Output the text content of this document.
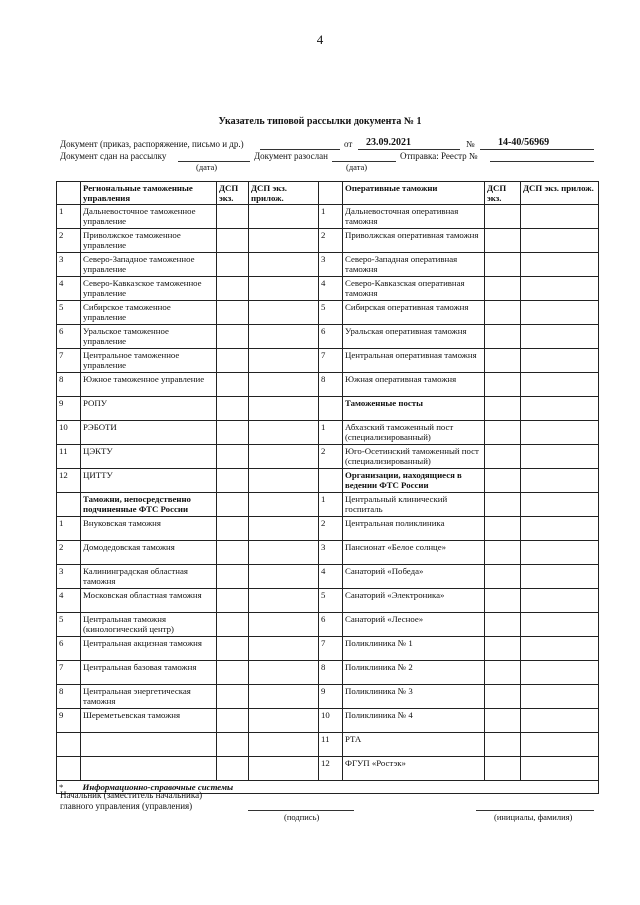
4
Указатель типовой рассылки документа № 1
Документ (приказ, распоряжение, письмо и др.)	от 23.09.2021	№ 14-40/56969
Документ сдан на рассылку	Документ разослан	Отправка: Реестр №
(дата)	(дата)
	Региональные таможенные управления	ДСП экз.	ДСП экз. прилож.		Оперативные таможни	ДСП экз.	ДСП экз. прилож.
1	Дальневосточное таможенное управление			1	Дальневосточная оперативная таможня		
2	Приволжское таможенное управление			2	Приволжская оперативная таможня		
3	Северо-Западное таможенное управление			3	Северо-Западная оперативная таможня		
4	Северо-Кавказское таможенное управление			4	Северо-Кавказская оперативная таможня		
5	Сибирское таможенное управление			5	Сибирская оперативная таможня		
6	Уральское таможенное управление			6	Уральская оперативная таможня		
7	Центральное таможенное управление			7	Центральная оперативная таможня		
8	Южное таможенное управление			8	Южная оперативная таможня		
9	РОПУ				Таможенные посты		
10	РЭБОТИ			1	Абхазский таможенный пост (специализированный)		
11	ЦЭКТУ			2	Юго-Осетинский таможенный пост (специализированный)		
12	ЦИТТУ				Организации, находящиеся в ведении ФТС России		
	Таможни, непосредственно подчиненные ФТС России			1	Центральный клинический госпиталь		
1	Внуковская таможня			2	Центральная поликлиника		
2	Домодедовская таможня			3	Пансионат «Белое солнце»		
3	Калининградская областная таможня			4	Санаторий «Победа»		
4	Московская областная таможня			5	Санаторий «Электроника»		
5	Центральная таможня (кинологический центр)			6	Санаторий «Лесное»		
6	Центральная акцизная таможня			7	Поликлиника № 1		
7	Центральная базовая таможня			8	Поликлиника № 2		
8	Центральная энергетическая таможня			9	Поликлиника № 3		
9	Шереметьевская таможня			10	Поликлиника № 4		
				11	РТА		
				12	ФГУП «Ростэк»		
*	Информационно-справочные системы						
Начальник (заместитель начальника)
главного управления (управления)
(подпись)	(инициалы, фамилия)
